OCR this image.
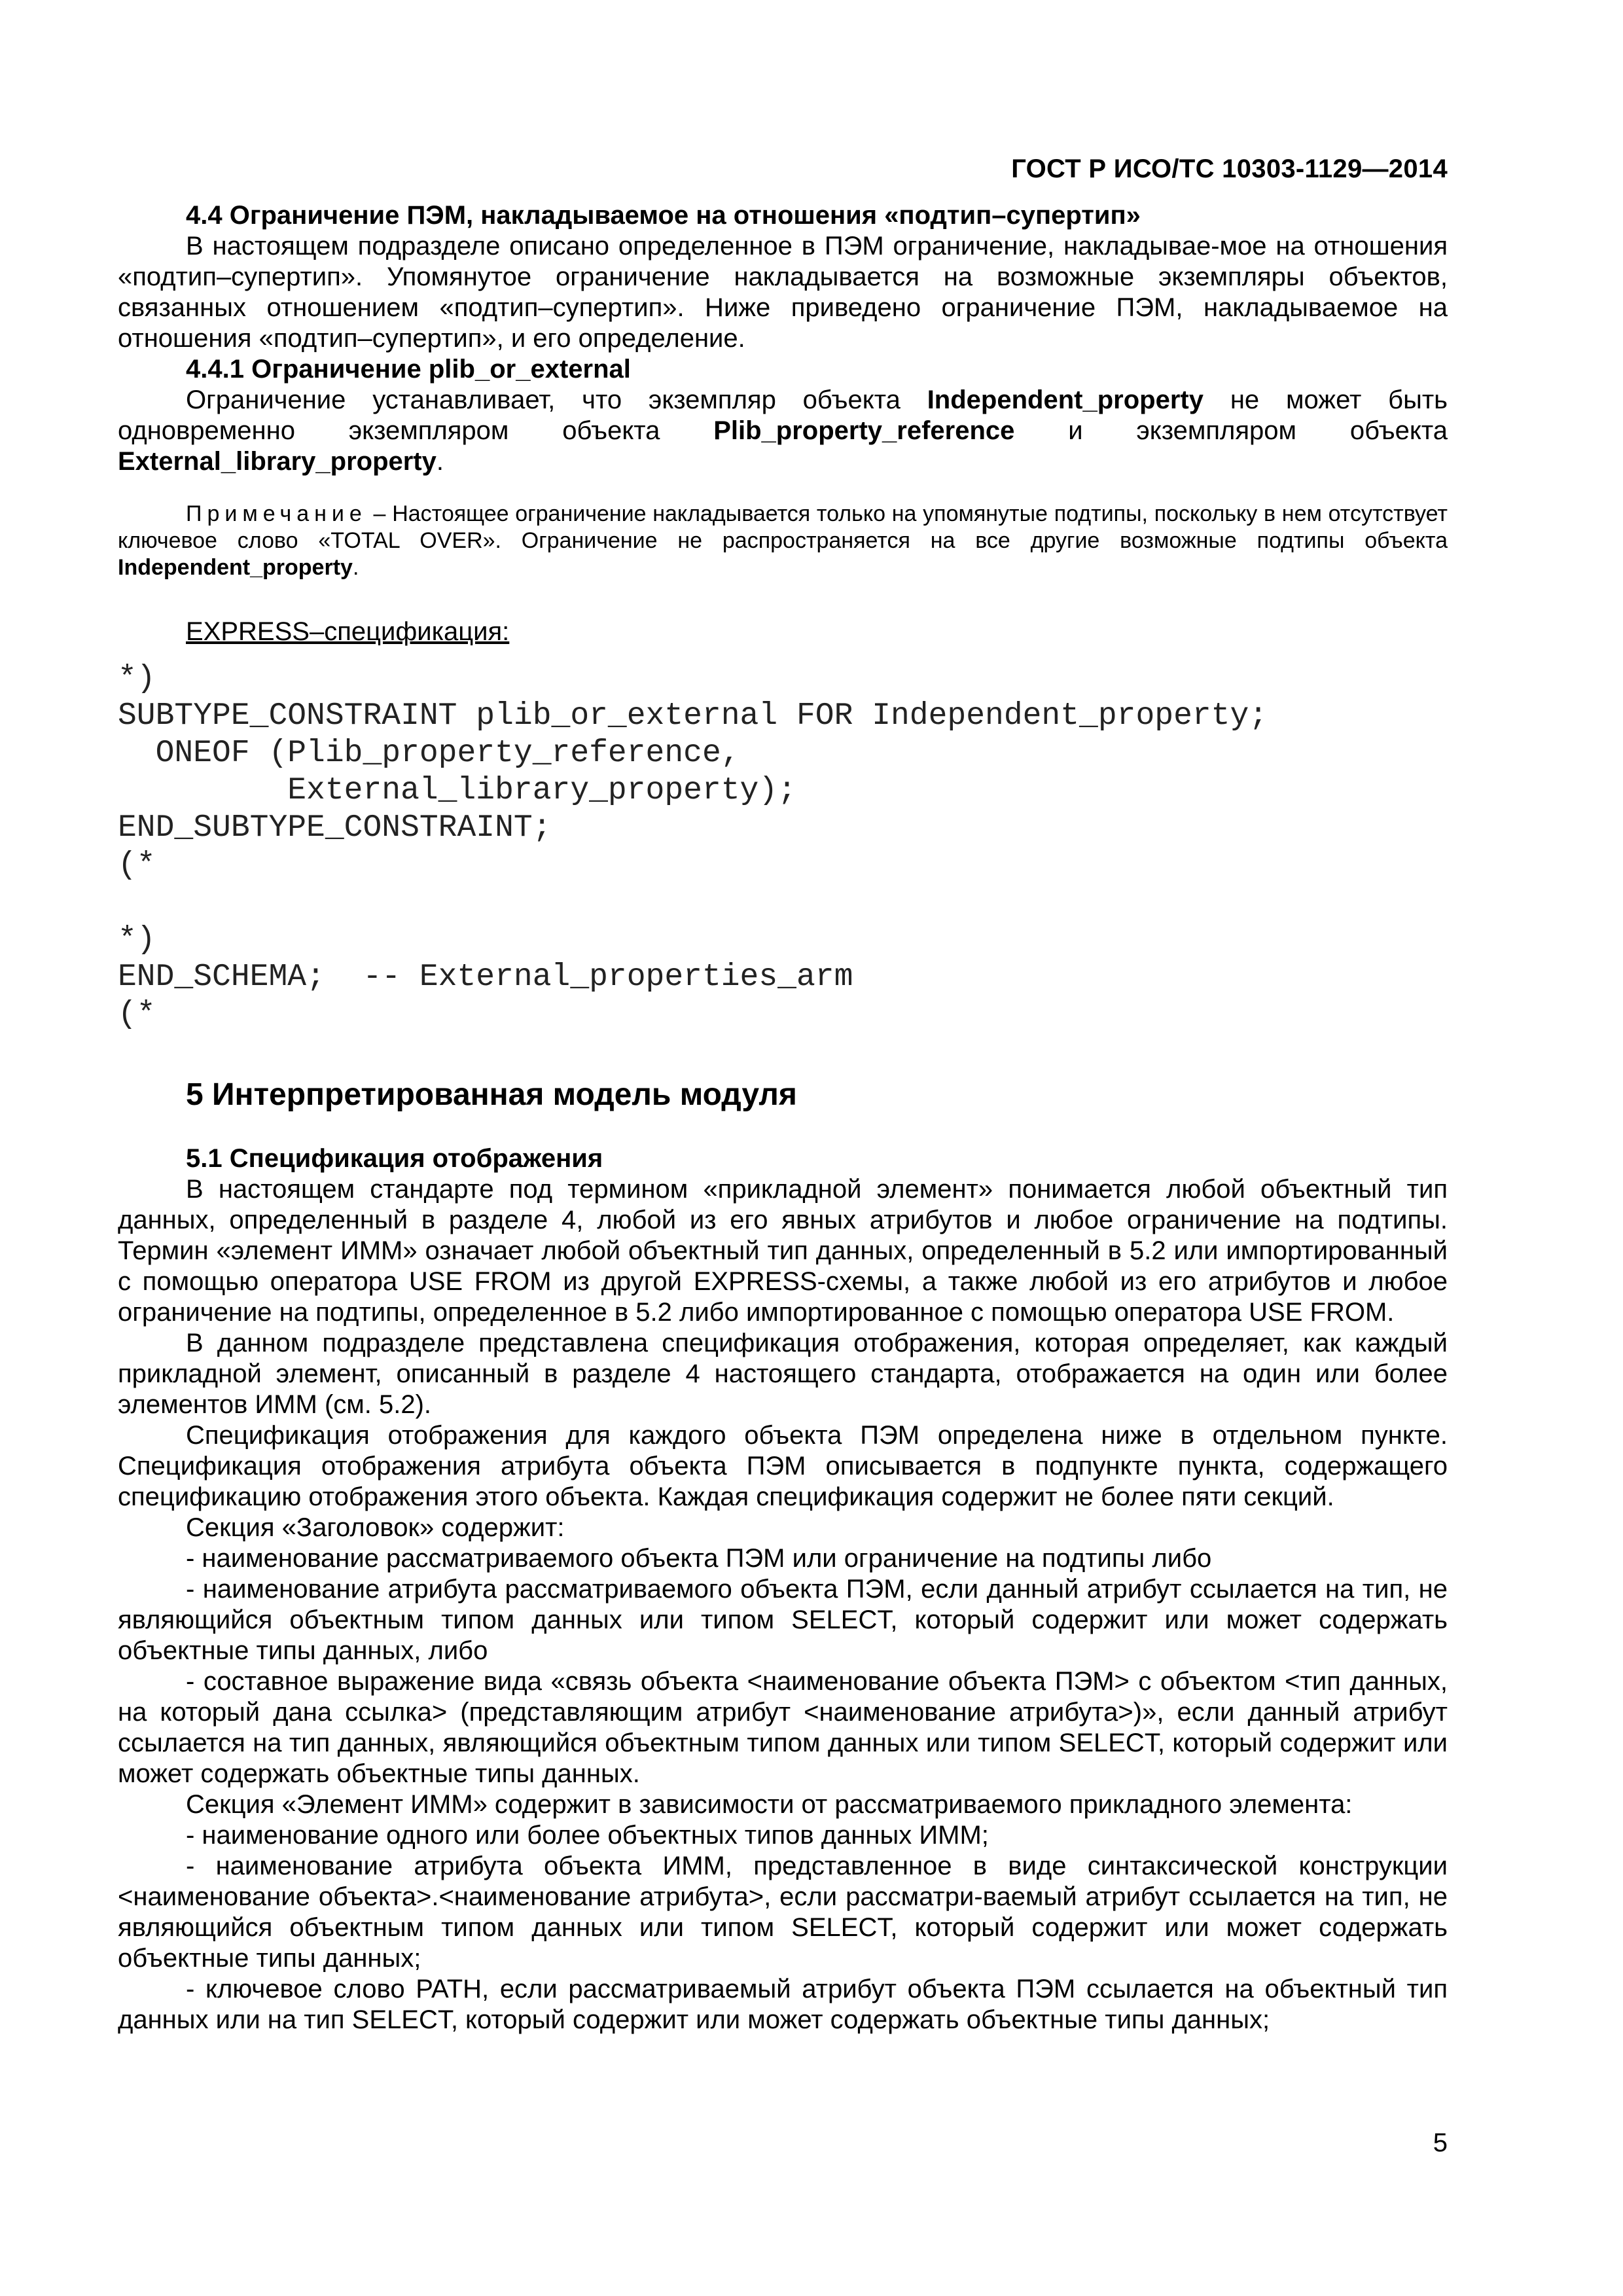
ГОСТ Р ИСО/ТС 10303-1129—2014

4.4 Ограничение ПЭМ, накладываемое на отношения «подтип–супертип»

В настоящем подразделе описано определенное в ПЭМ ограничение, накладывае-мое на отношения «подтип–супертип». Упомянутое ограничение накладывается на возможные экземпляры объектов, связанных отношением «подтип–супертип». Ниже приведено ограничение ПЭМ, накладываемое на отношения «подтип–супертип», и его определение.

4.4.1 Ограничение plib_or_external

Ограничение устанавливает, что экземпляр объекта Independent_property не может быть одновременно экземпляром объекта Plib_property_reference и экземпляром объекта External_library_property.

Примечание – Настоящее ограничение накладывается только на упомянутые подтипы, поскольку в нем отсутствует ключевое слово «TOTAL OVER». Ограничение не распространяется на все другие возможные подтипы объекта Independent_property.

EXPRESS–спецификация:
*)
SUBTYPE_CONSTRAINT plib_or_external FOR Independent_property;
ONEOF (Plib_property_reference,
External_library_property);
END_SUBTYPE_CONSTRAINT;
(*
*)
END_SCHEMA;  -- External_properties_arm
(*
5 Интерпретированная модель модуля
5.1 Спецификация отображения

В настоящем стандарте под термином «прикладной элемент» понимается любой объектный тип данных, определенный в разделе 4, любой из его явных атрибутов и любое ограничение на подтипы. Термин «элемент ИММ» означает любой объектный тип данных, определенный в 5.2 или импортированный с помощью оператора USE FROM из другой EXPRESS-схемы, а также любой из его атрибутов и любое ограничение на подтипы, определенное в 5.2 либо импортированное с помощью оператора USE FROM.

В данном подразделе представлена спецификация отображения, которая определяет, как каждый прикладной элемент, описанный в разделе 4 настоящего стандарта, отображается на один или более элементов ИММ (см. 5.2).

Спецификация отображения для каждого объекта ПЭМ определена ниже в отдельном пункте. Спецификация отображения атрибута объекта ПЭМ описывается в подпункте пункта, содержащего спецификацию отображения этого объекта. Каждая спецификация содержит не более пяти секций.

Секция «Заголовок» содержит:

- наименование рассматриваемого объекта ПЭМ или ограничение на подтипы либо

- наименование атрибута рассматриваемого объекта ПЭМ, если данный атрибут ссылается на тип, не являющийся объектным типом данных или типом SELECT, который содержит или может содержать объектные типы данных, либо

- составное выражение вида «связь объекта <наименование объекта ПЭМ> с объектом <тип данных, на который дана ссылка> (представляющим атрибут <наименование атрибута>)», если данный атрибут ссылается на тип данных, являющийся объектным типом данных или типом SELECT, который содержит или может содержать объектные типы данных.

Секция «Элемент ИММ» содержит в зависимости от рассматриваемого прикладного элемента:

- наименование одного или более объектных типов данных ИММ;

- наименование атрибута объекта ИММ, представленное в виде синтаксической конструкции <наименование объекта>.<наименование атрибута>, если рассматри-ваемый атрибут ссылается на тип, не являющийся объектным типом данных или типом SELECT, который содержит или может содержать объектные типы данных;

- ключевое слово PATH, если рассматриваемый атрибут объекта ПЭМ ссылается на объектный тип данных или на тип SELECT, который содержит или может содержать объектные типы данных;

5
